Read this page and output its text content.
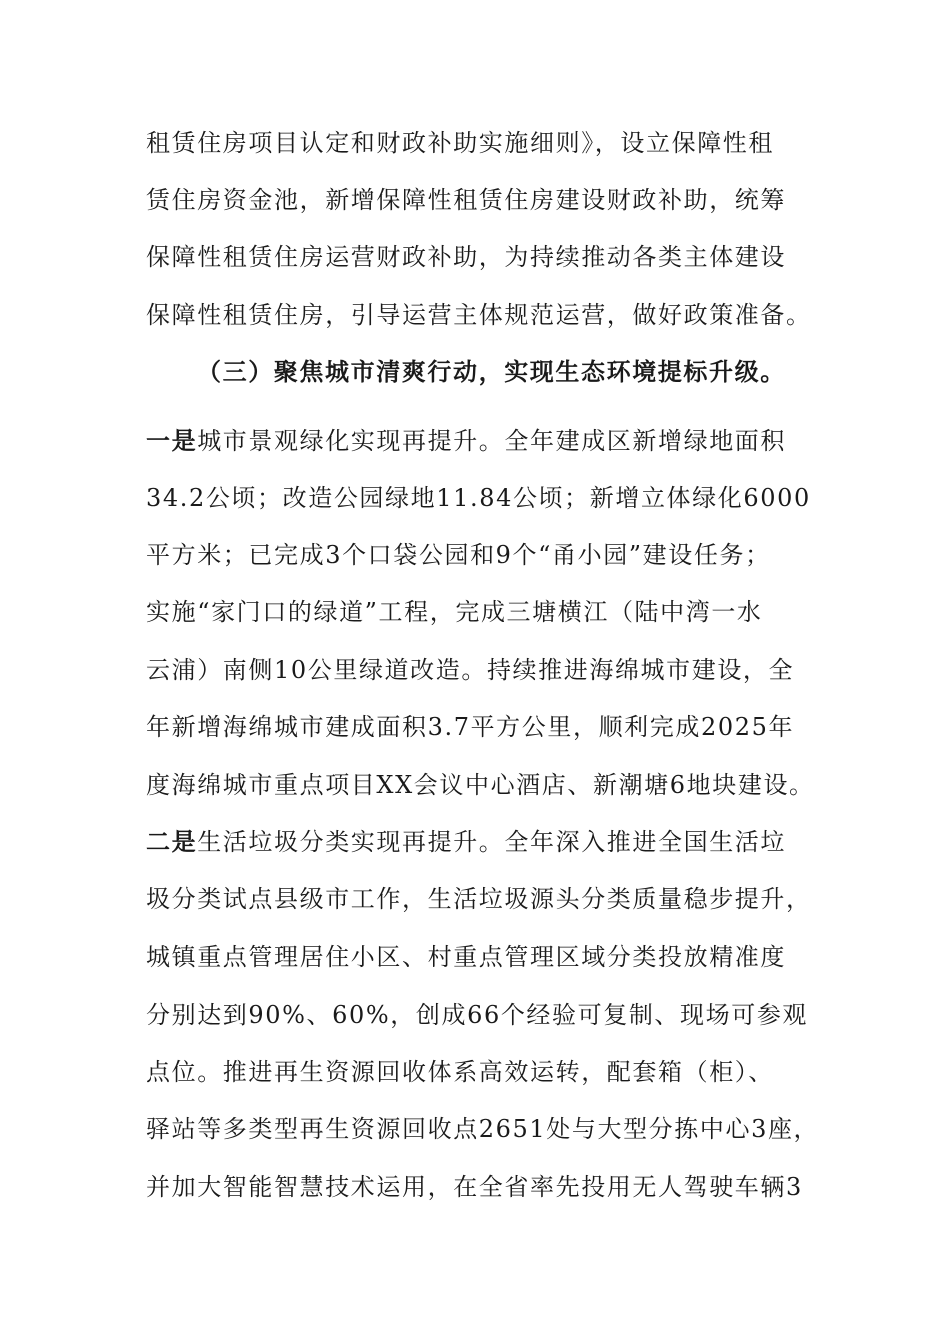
租赁住房项目认定和财政补助实施细则》，设立保障性租
赁住房资金池，新增保障性租赁住房建设财政补助，统筹
保障性租赁住房运营财政补助，为持续推动各类主体建设
保障性租赁住房，引导运营主体规范运营，做好政策准备。
（三）聚焦城市清爽行动，实现生态环境提标升级。
一是城市景观绿化实现再提升。全年建成区新增绿地面积
34.2公顷；改造公园绿地11.84公顷；新增立体绿化6000
平方米；已完成3个口袋公园和9个“甬小园”建设任务；
实施“家门口的绿道”工程，完成三塘横江（陆中湾一水
云浦）南侧10公里绿道改造。持续推进海绵城市建设，全
年新增海绵城市建成面积3.7平方公里，顺利完成2025年
度海绵城市重点项目XX会议中心酒店、新潮塘6地块建设。
二是生活垃圾分类实现再提升。全年深入推进全国生活垃
圾分类试点县级市工作，生活垃圾源头分类质量稳步提升，
城镇重点管理居住小区、村重点管理区域分类投放精准度
分别达到90%、60%，创成66个经验可复制、现场可参观
点位。推进再生资源回收体系高效运转，配套箱（柜）、
驿站等多类型再生资源回收点2651处与大型分拣中心3座，
并加大智能智慧技术运用，在全省率先投用无人驾驶车辆3
